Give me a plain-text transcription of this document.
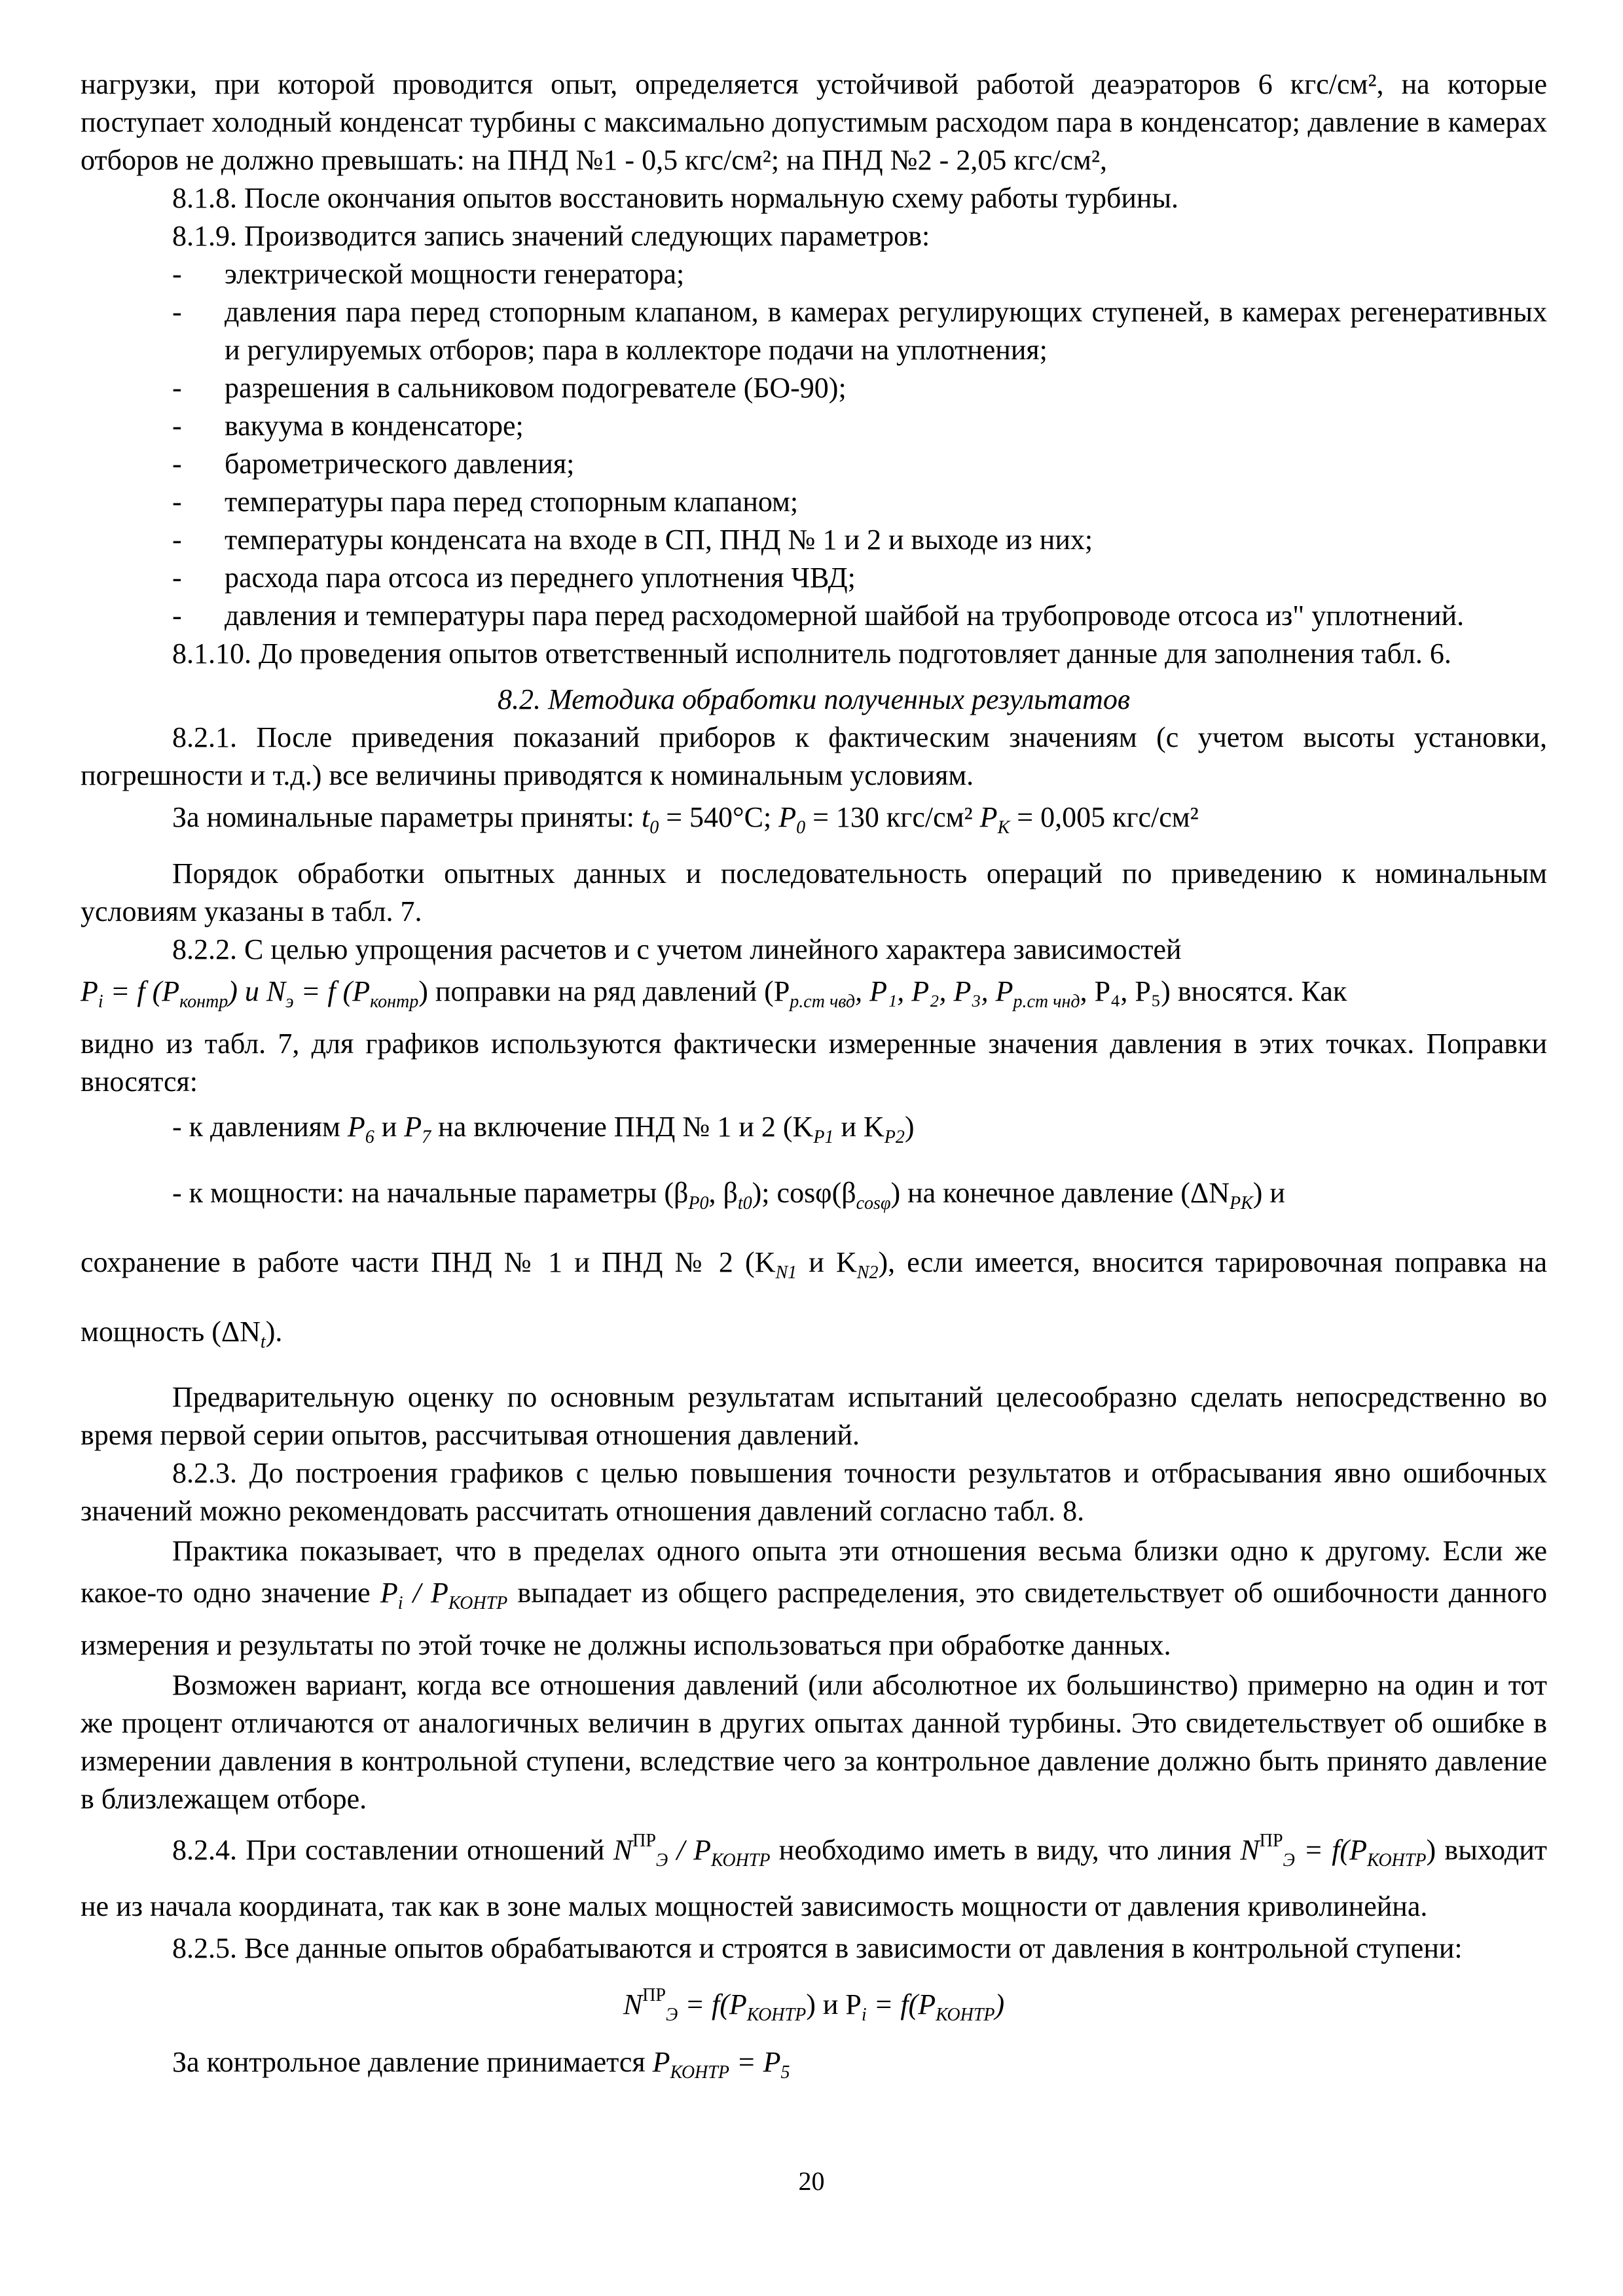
нагрузки, при которой проводится опыт, определяется устойчивой работой деаэраторов 6 кгс/см², на которые поступает холодный конденсат турбины с максимально допустимым расходом пара в конденсатор; давление в камерах отборов не должно превышать: на ПНД №1 - 0,5 кгс/см²; на ПНД №2 - 2,05 кгс/см²,

8.1.8. После окончания опытов восстановить нормальную схему работы турбины.

8.1.9. Производится запись значений следующих параметров:

- электрической мощности генератора;

- давления пара перед стопорным клапаном, в камерах регулирующих ступеней, в камерах регенеративных и регулируемых отборов; пара в коллекторе подачи на уплотнения;

- разрешения в сальниковом подогревателе (БО-90);

- вакуума в конденсаторе;

- барометрического давления;

- температуры пара перед стопорным клапаном;

- температуры конденсата на входе в СП, ПНД № 1 и 2 и выходе из них;

- расхода пара отсоса из переднего уплотнения ЧВД;

- давления и температуры пара перед расходомерной шайбой на трубопроводе отсоса из" уплотнений.

8.1.10. До проведения опытов ответственный исполнитель подготовляет данные для заполнения табл. 6.

8.2. Методика обработки полученных результатов

8.2.1. После приведения показаний приборов к фактическим значениям (с учетом высоты установки, погрешности и т.д.) все величины приводятся к номинальным условиям.

За номинальные параметры приняты: $t_0 = 540^\circ C$; $P_0 = 130$ кгс/см² $P_K = 0,005$ кгс/см²

Порядок обработки опытных данных и последовательность операций по приведению к номинальным условиям указаны в табл. 7.

8.2.2. С целью упрощения расчетов и с учетом линейного характера зависимостей

$P_i = f$ $(P_{контр})$ и $N_э = f$ $(P_{контр})$ поправки на ряд давлений ($P_{р.ст чвд}$, P₁, P₂, P₃, $P_{р.ст чнд}$, P₄, P₅) вносятся. Как

видно из табл. 7, для графиков используются фактически измеренные значения давления в этих точках. Поправки вносятся:

- к давлениям $P_6$ и $P_7$ на включение ПНД № 1 и 2 ($K_{P1}$ и $K_{P2}$)

- к мощности: на начальные параметры ($\beta_{P0}$, $\beta_{t0}$); $\cos\varphi(\beta_{cos\varphi})$ на конечное давление $(\Delta N_{PK})$ и

сохранение в работе части ПНД № 1 и ПНД № 2 ($K_{N1}$ и $K_{N2}$), если имеется, вносится тарировочная поправка на мощность $(\Delta N_t)$.

Предварительную оценку по основным результатам испытаний целесообразно сделать непосредственно во время первой серии опытов, рассчитывая отношения давлений.

8.2.3. До построения графиков с целью повышения точности результатов и отбрасывания явно ошибочных значений можно рекомендовать рассчитать отношения давлений согласно табл. 8.

Практика показывает, что в пределах одного опыта эти отношения весьма близки одно к другому. Если же какое-то одно значение $P_i / P_{КОНТР}$ выпадает из общего распределения, это свидетельствует об ошибочности данного измерения и результаты по этой точке не должны использоваться при обработке данных.

Возможен вариант, когда все отношения давлений (или абсолютное их большинство) примерно на один и тот же процент отличаются от аналогичных величин в других опытах данной турбины. Это свидетельствует об ошибке в измерении давления в контрольной ступени, вследствие чего за контрольное давление должно быть принято давление в близлежащем отборе.

8.2.4. При составлении отношений $N^{ПР}_Э / P_{КОНТР}$ необходимо иметь в виду, что линия $N^{ПР}_Э = f(P_{КОНТР})$ выходит не из начала координата, так как в зоне малых мощностей зависимость мощности от давления криволинейна.

8.2.5. Все данные опытов обрабатываются и строятся в зависимости от давления в контрольной ступени:

$N^{ПР}_Э = f(P_{КОНТР})$ и $P_i = f(P_{КОНТР})$

За контрольное давление принимается $P_{КОНТР} = P_5$

20
